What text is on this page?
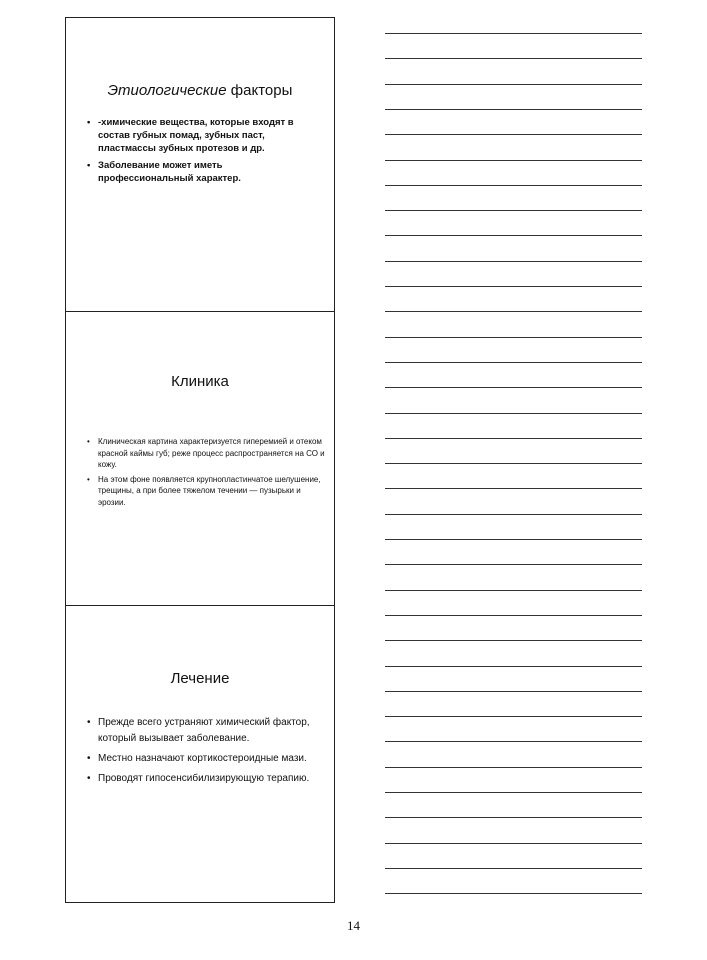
Этиологические факторы
• -химические вещества, которые входят в состав губных помад, зубных паст, пластмассы зубных протезов и др.
• Заболевание может иметь профессиональный характер.
Клиника
• Клиническая картина характеризуется гиперемией и отеком красной каймы губ; реже процесс распространяется на СО и кожу.
• На этом фоне появляется крупнопластинчатое шелушение, трещины, а при более тяжелом течении — пузырьки и эрозии.
Лечение
• Прежде всего устраняют химический фактор, который вызывает заболевание.
• Местно назначают кортикостероидные мази.
• Проводят гипосенсибилизирующую терапию.
14
